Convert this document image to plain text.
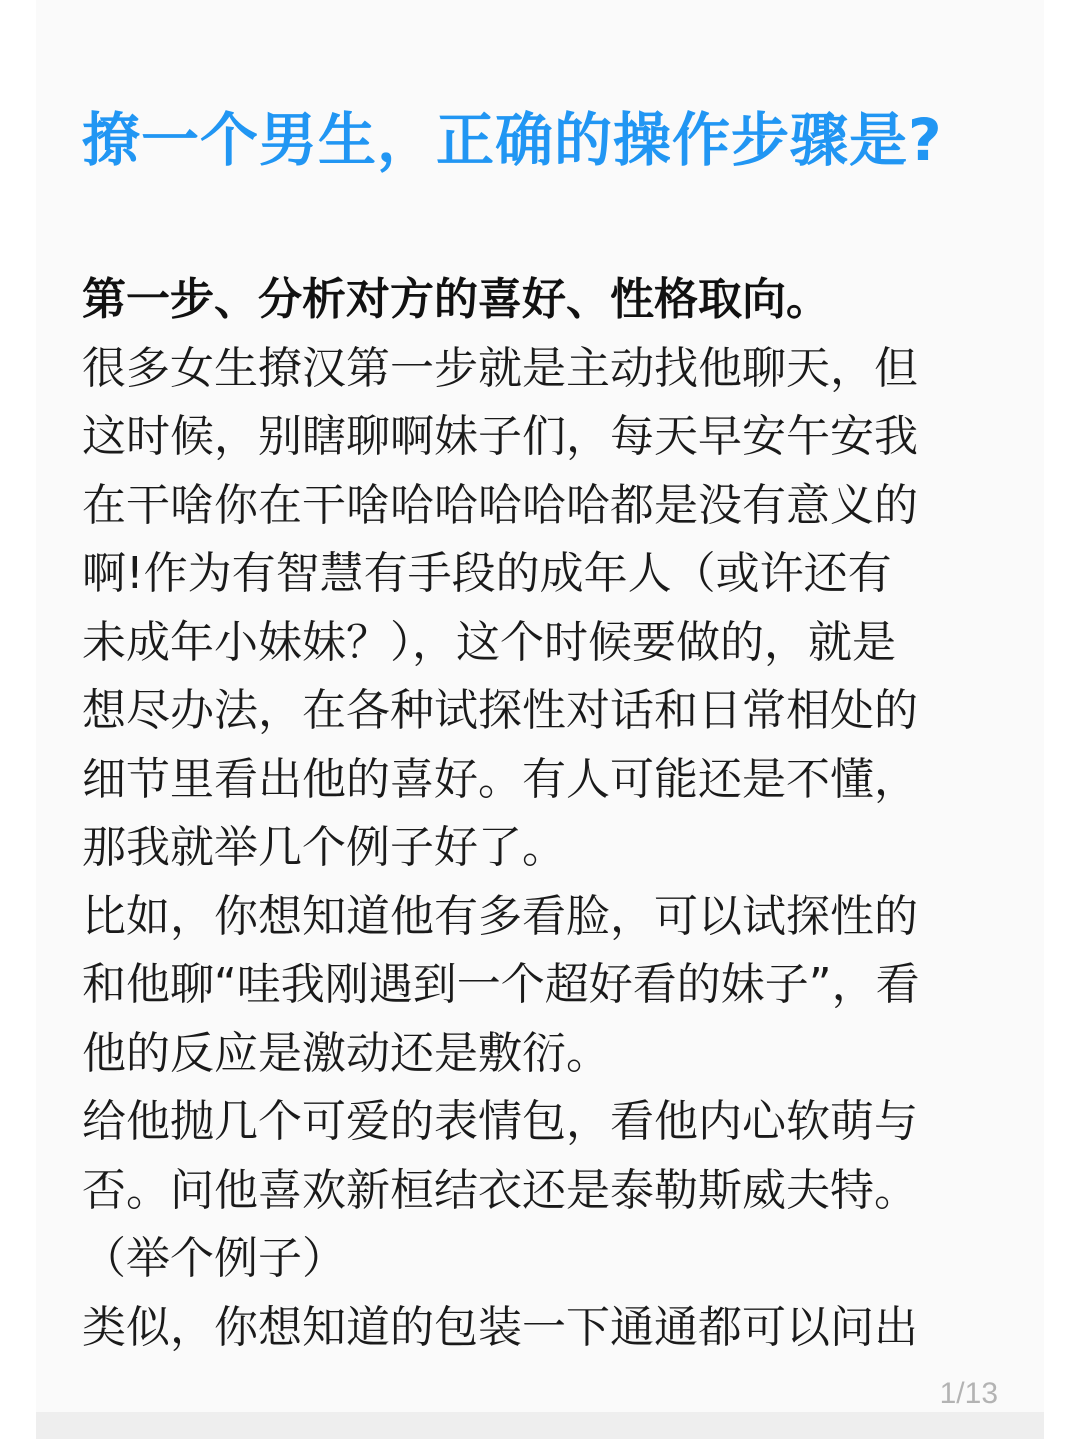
撩一个男生，正确的操作步骤是?
第一步、分析对方的喜好、性格取向。
很多女生撩汉第一步就是主动找他聊天，但
这时候，别瞎聊啊妹子们，每天早安午安我
在干啥你在干啥哈哈哈哈哈都是没有意义的
啊!作为有智慧有手段的成年人（或许还有
未成年小妹妹？），这个时候要做的，就是
想尽办法，在各种试探性对话和日常相处的
细节里看出他的喜好。有人可能还是不懂，
那我就举几个例子好了。
比如，你想知道他有多看脸，可以试探性的
和他聊“哇我刚遇到一个超好看的妹子”，看
他的反应是激动还是敷衍。
给他抛几个可爱的表情包，看他内心软萌与
否。问他喜欢新桓结衣还是泰勒斯威夫特。
（举个例子）
类似，你想知道的包装一下通通都可以问出
1/13
